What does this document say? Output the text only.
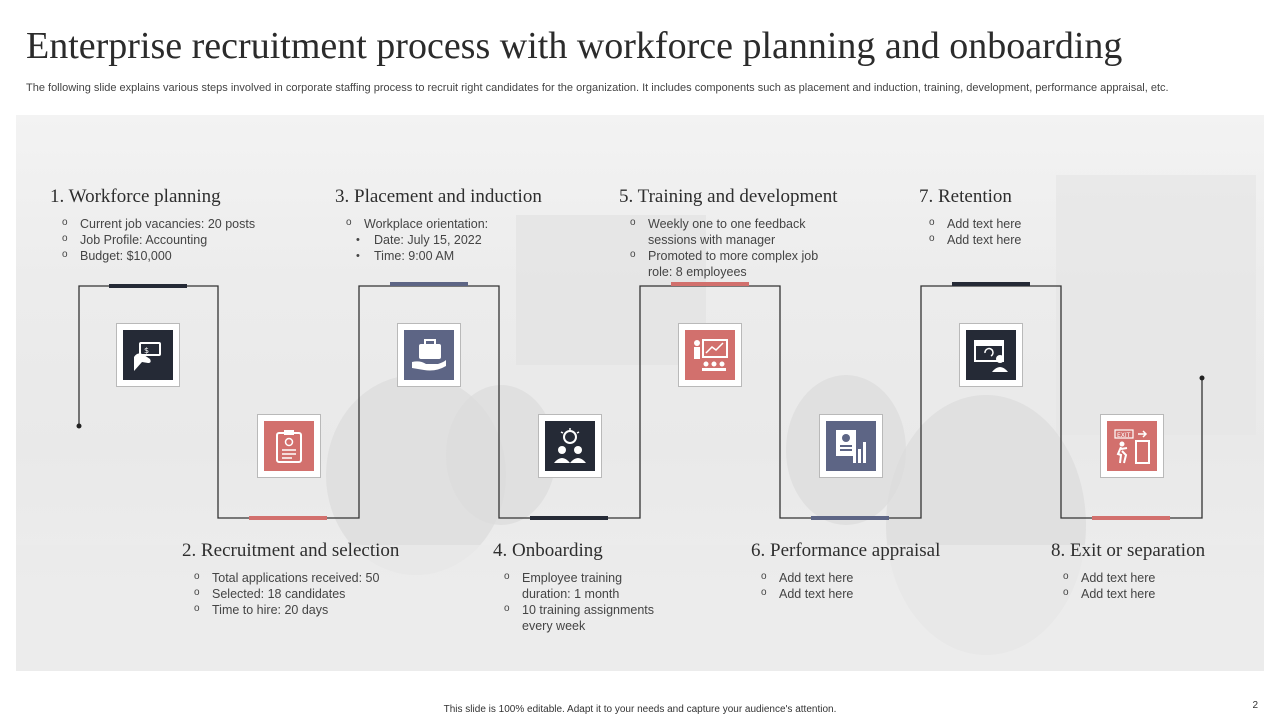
Enterprise recruitment process with workforce planning and onboarding
The following slide explains various steps involved in corporate staffing process to recruit right candidates for the organization. It includes components such as placement and induction, training, development, performance appraisal, etc.
$
EXIT
1. Workforce planning
o Current job vacancies: 20 posts
o Job Profile: Accounting
o Budget: $10,000
3. Placement and induction
o Workplace orientation:
• Date: July 15, 2022
• Time: 9:00 AM
5. Training and development
o Weekly one to one feedback sessions with manager
o Promoted to more complex job role: 8 employees
7. Retention
o Add text here
o Add text here
2. Recruitment and selection
o Total applications received: 50
o Selected: 18 candidates
o Time to hire: 20 days
4. Onboarding
o Employee training duration: 1 month
o 10 training assignments every week
6. Performance appraisal
o Add text here
o Add text here
8. Exit or separation
o Add text here
o Add text here
This slide is 100% editable. Adapt it to your needs and capture your audience's attention.	2
